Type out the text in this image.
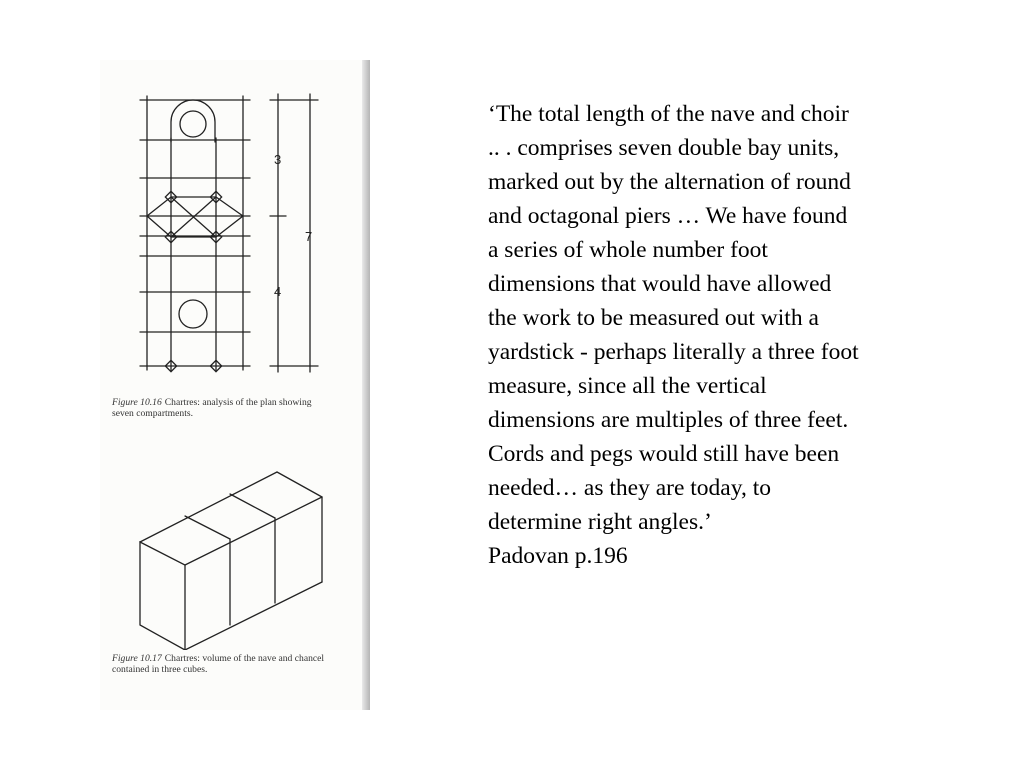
3
7
4
Figure 10.16 Chartres: analysis of the plan showing
seven compartments.
Figure 10.17 Chartres: volume of the nave and chancel
contained in three cubes.
‘The total length of the nave and choir
.. . comprises seven double bay units,
marked out by the alternation of round
and octagonal piers … We have found
a series of whole number foot
dimensions that would have allowed
the work to be measured out with a
yardstick - perhaps literally a three foot
measure, since all the vertical
dimensions are multiples of three feet.
Cords and pegs would still have been
needed… as they are today, to
determine right angles.’
Padovan p.196
